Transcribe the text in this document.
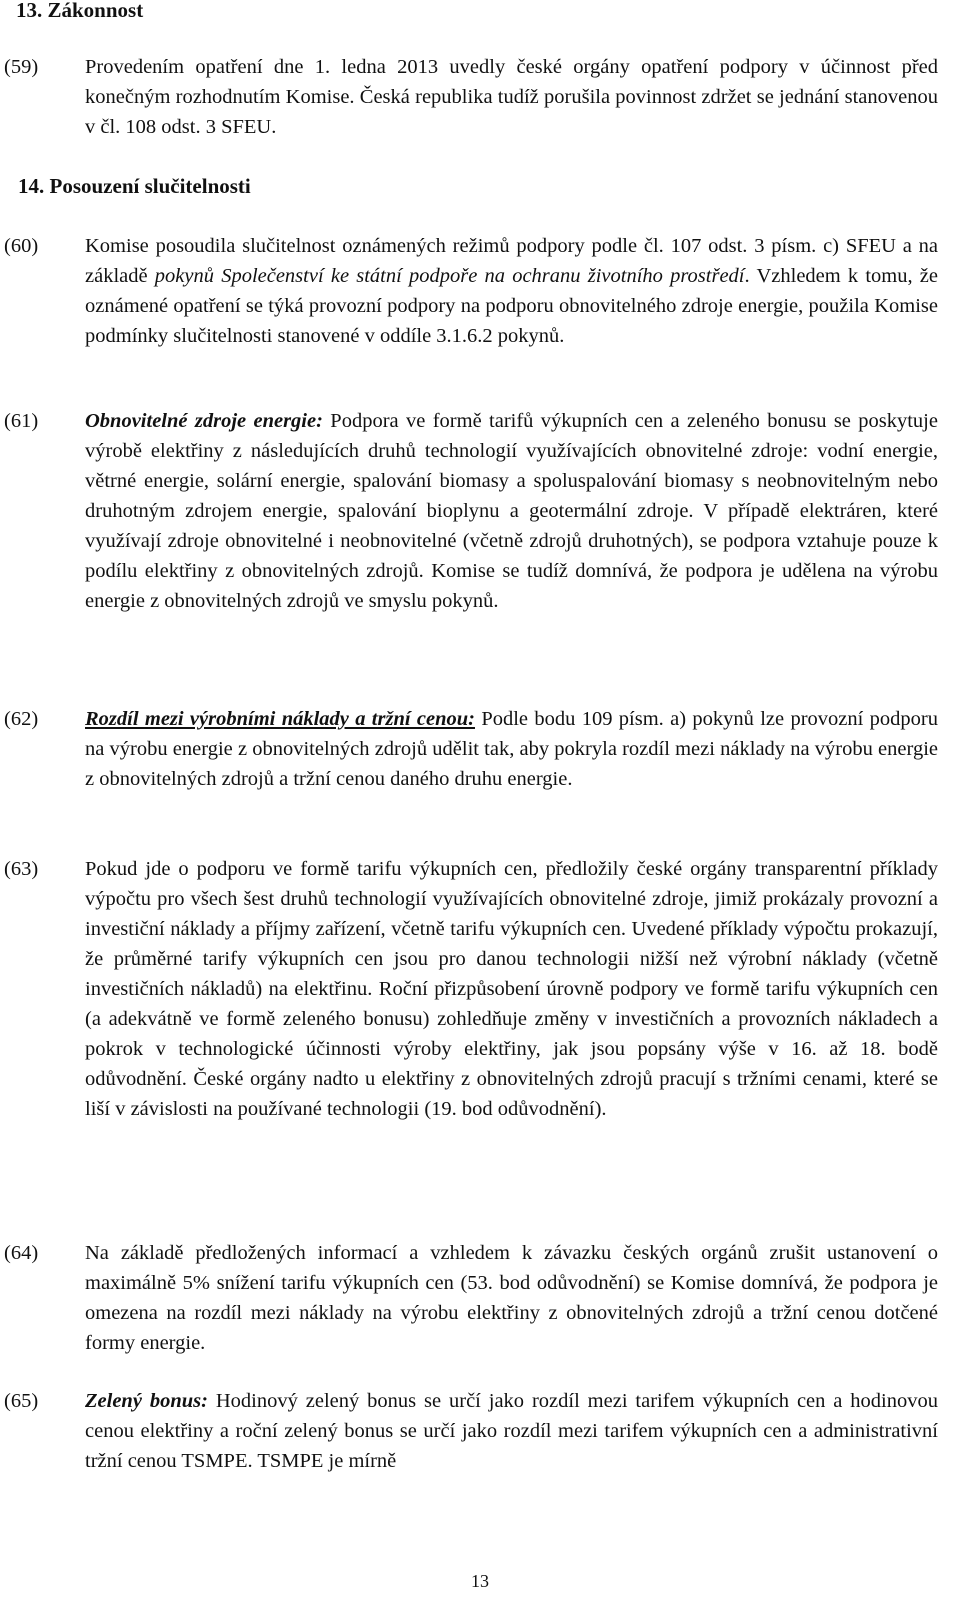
13. Zákonnost
(59)	Provedením opatření dne 1. ledna 2013 uvedly české orgány opatření podpory v účinnost před konečným rozhodnutím Komise. Česká republika tudíž porušila povinnost zdržet se jednání stanovenou v čl. 108 odst. 3 SFEU.
14. Posouzení slučitelnosti
(60)	Komise posoudila slučitelnost oznámených režimů podpory podle čl. 107 odst. 3 písm. c) SFEU a na základě pokynů Společenství ke státní podpoře na ochranu životního prostředí. Vzhledem k tomu, že oznámené opatření se týká provozní podpory na podporu obnovitelného zdroje energie, použila Komise podmínky slučitelnosti stanovené v oddíle 3.1.6.2 pokynů.
(61)	Obnovitelné zdroje energie: Podpora ve formě tarifů výkupních cen a zeleného bonusu se poskytuje výrobě elektřiny z následujících druhů technologií využívajících obnovitelné zdroje: vodní energie, větrné energie, solární energie, spalování biomasy a spoluspalování biomasy s neobnovitelným nebo druhotným zdrojem energie, spalování bioplynu a geotermální zdroje. V případě elektráren, které využívají zdroje obnovitelné i neobnovitelné (včetně zdrojů druhotných), se podpora vztahuje pouze k podílu elektřiny z obnovitelných zdrojů. Komise se tudíž domnívá, že podpora je udělena na výrobu energie z obnovitelných zdrojů ve smyslu pokynů.
(62)	Rozdíl mezi výrobními náklady a tržní cenou: Podle bodu 109 písm. a) pokynů lze provozní podporu na výrobu energie z obnovitelných zdrojů udělit tak, aby pokryla rozdíl mezi náklady na výrobu energie z obnovitelných zdrojů a tržní cenou daného druhu energie.
(63)	Pokud jde o podporu ve formě tarifu výkupních cen, předložily české orgány transparentní příklady výpočtu pro všech šest druhů technologií využívajících obnovitelné zdroje, jimiž prokázaly provozní a investiční náklady a příjmy zařízení, včetně tarifu výkupních cen. Uvedené příklady výpočtu prokazují, že průměrné tarify výkupních cen jsou pro danou technologii nižší než výrobní náklady (včetně investičních nákladů) na elektřinu. Roční přizpůsobení úrovně podpory ve formě tarifu výkupních cen (a adekvátně ve formě zeleného bonusu) zohledňuje změny v investičních a provozních nákladech a pokrok v technologické účinnosti výroby elektřiny, jak jsou popsány výše v 16. až 18. bodě odůvodnění. České orgány nadto u elektřiny z obnovitelných zdrojů pracují s tržními cenami, které se liší v závislosti na používané technologii (19. bod odůvodnění).
(64)	Na základě předložených informací a vzhledem k závazku českých orgánů zrušit ustanovení o maximálně 5% snížení tarifu výkupních cen (53. bod odůvodnění) se Komise domnívá, že podpora je omezena na rozdíl mezi náklady na výrobu elektřiny z obnovitelných zdrojů a tržní cenou dotčené formy energie.
(65)	Zelený bonus: Hodinový zelený bonus se určí jako rozdíl mezi tarifem výkupních cen a hodinovou cenou elektřiny a roční zelený bonus se určí jako rozdíl mezi tarifem výkupních cen a administrativní tržní cenou TSMPE. TSMPE je mírně
13
